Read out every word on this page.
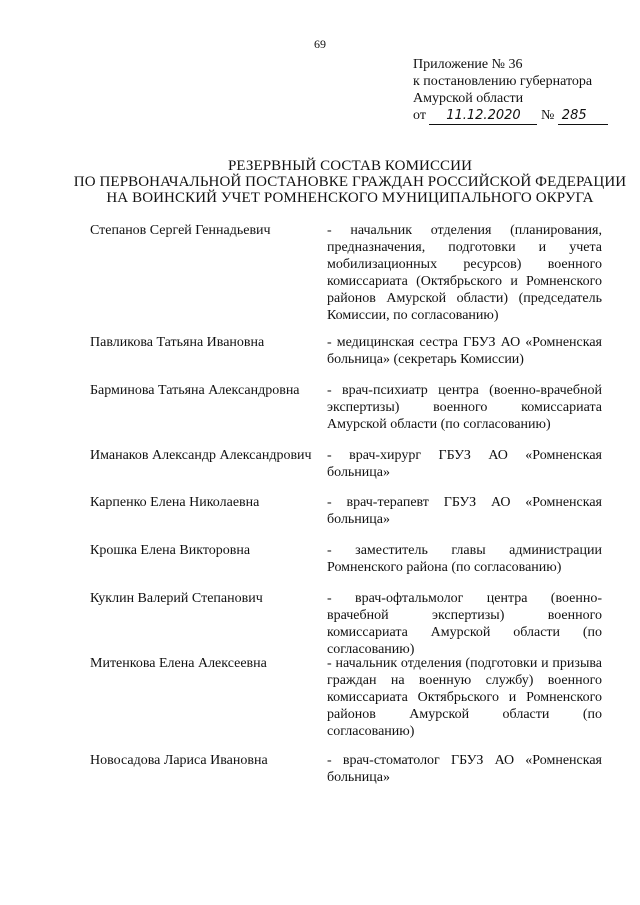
69
Приложение № 36
к постановлению губернатора
Амурской области
от 11.12.2020 № 285
РЕЗЕРВНЫЙ СОСТАВ КОМИССИИ
ПО ПЕРВОНАЧАЛЬНОЙ ПОСТАНОВКЕ ГРАЖДАН РОССИЙСКОЙ ФЕДЕРАЦИИ
НА ВОИНСКИЙ УЧЕТ РОМНЕНСКОГО МУНИЦИПАЛЬНОГО ОКРУГА
Степанов Сергей Геннадьевич	- начальник отделения (планирования, предназначения, подготовки и учета мобилизационных ресурсов) военного комиссариата (Октябрьского и Ромненского районов Амурской области) (председатель Комиссии, по согласованию)
Павликова Татьяна Ивановна	- медицинская сестра ГБУЗ АО «Ромненская больница» (секретарь Комиссии)
Барминова Татьяна Александровна - врач-психиатр центра (военно-врачебной экспертизы) военного комиссариата Амурской области (по согласованию)
Иманаков Александр Александрович - врач-хирург ГБУЗ АО «Ромненская больница»
Карпенко Елена Николаевна	- врач-терапевт ГБУЗ АО «Ромненская больница»
Крошка Елена Викторовна	- заместитель главы администрации Ромненского района (по согласованию)
Куклин Валерий Степанович	- врач-офтальмолог центра (военно-врачебной экспертизы) военного комиссариата Амурской области (по согласованию)
Митенкова Елена Алексеевна	- начальник отделения (подготовки и призыва граждан на военную службу) военного комиссариата Октябрьского и Ромненского районов Амурской области (по согласованию)
Новосадова Лариса Ивановна	- врач-стоматолог ГБУЗ АО «Ромненская больница»
